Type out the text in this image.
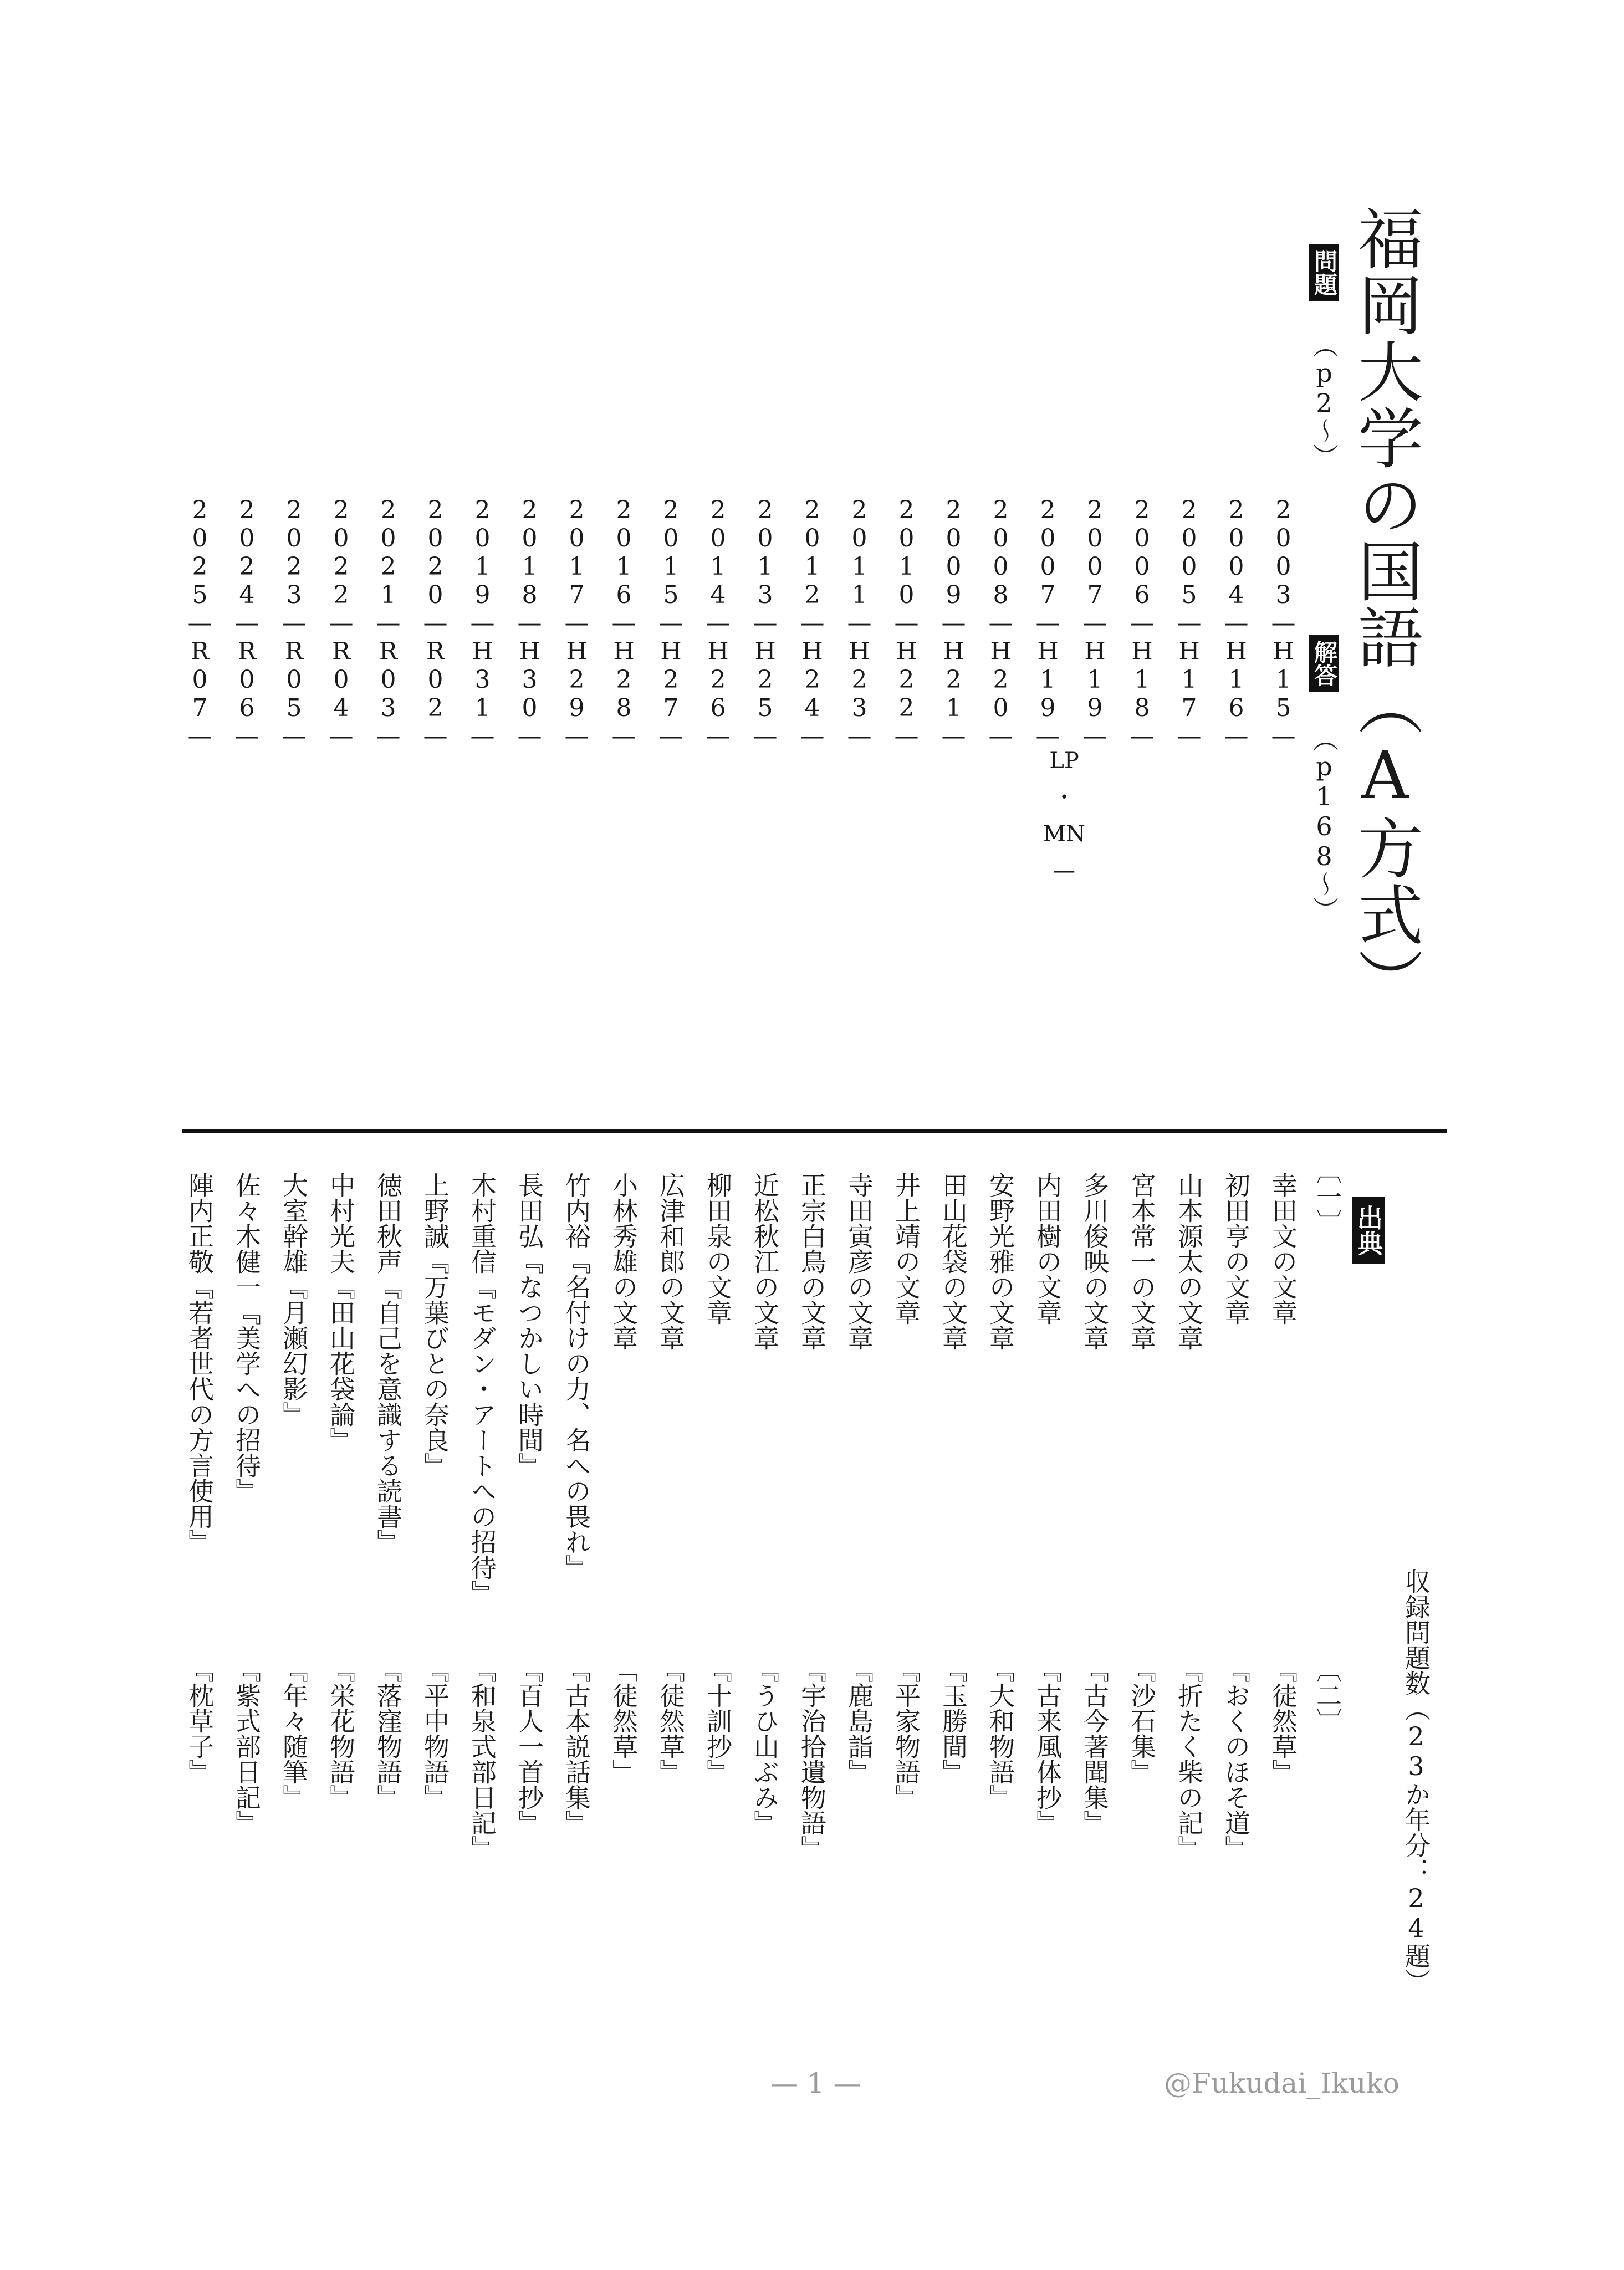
福岡大学の国語（A方式）
問題
（p2～）
解答
（p168～）
2003—H15—
2004—H16—
2005—H17—
2006—H18—
2007—H19—
2007—H19—
2008—H20—
2009—H21—
2010—H22—
2011—H23—
2012—H24—
2013—H25—
2014—H26—
2015—H27—
2016—H28—
2017—H29—
2018—H30—
2019—H31—
2020—R02—
2021—R03—
2022—R04—
2023—R05—
2024—R06—
2025—R07—
LP
・
MN
—
出典
〔一〕
〔二〕
幸田文の文章
初田亨の文章
山本源太の文章
宮本常一の文章
多川俊映の文章
内田樹の文章
安野光雅の文章
田山花袋の文章
井上靖の文章
寺田寅彦の文章
正宗白鳥の文章
近松秋江の文章
柳田泉の文章
広津和郎の文章
小林秀雄の文章
竹内裕『名付けの力、名への畏れ』
長田弘『なつかしい時間』
木村重信『モダン・アートへの招待』
上野誠『万葉びとの奈良』
徳田秋声『自己を意識する読書』
中村光夫『田山花袋論』
大室幹雄『月瀬幻影』
佐々木健一『美学への招待』
陣内正敬『若者世代の方言使用』
『徒然草』
『おくのほそ道』
『折たく柴の記』
『沙石集』
『古今著聞集』
『古来風体抄』
『大和物語』
『玉勝間』
『平家物語』
『鹿島詣』
『宇治拾遺物語』
『うひ山ぶみ』
『十訓抄』
『徒然草』
「徒然草」
『古本説話集』
『百人一首抄』
『和泉式部日記』
『平中物語』
『落窪物語』
『栄花物語』
『年々随筆』
『紫式部日記』
『枕草子』	収録問題数（23か年分：24題）
— 1 —	@Fukudai_Ikuko
